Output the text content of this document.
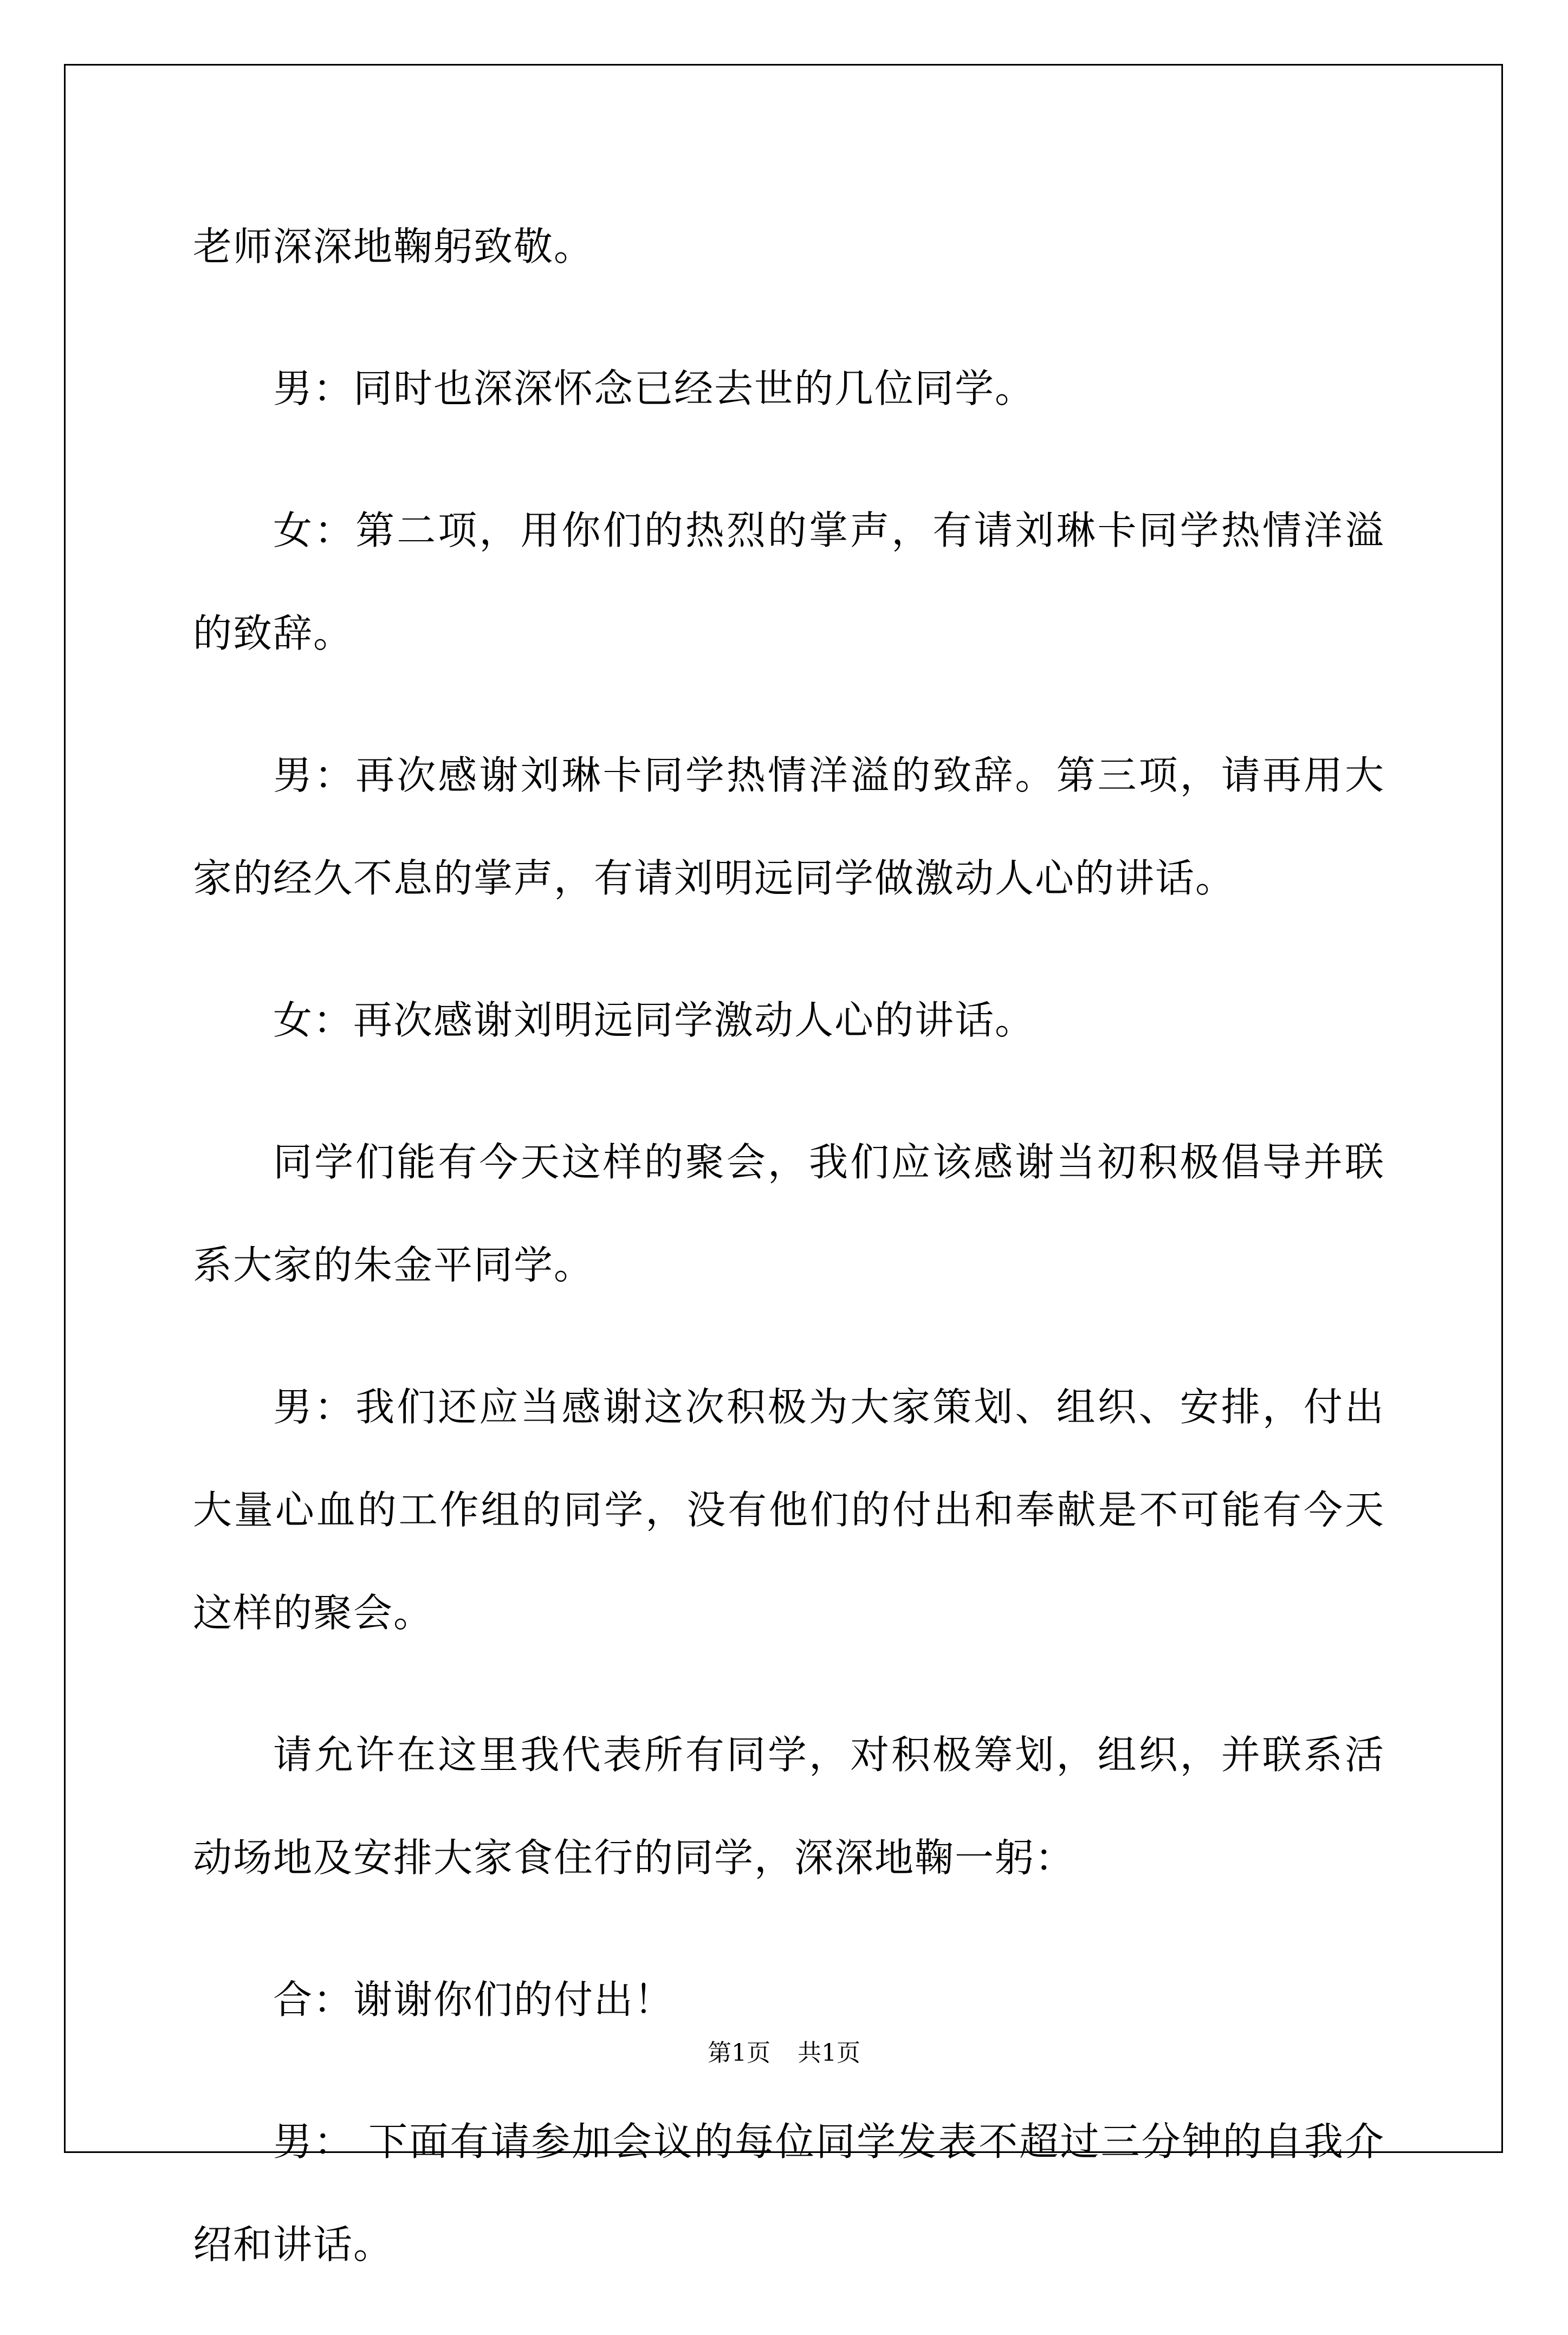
老师深深地鞠躬致敬。

男：同时也深深怀念已经去世的几位同学。

女：第二项，用你们的热烈的掌声，有请刘琳卡同学热情洋溢的致辞。

男：再次感谢刘琳卡同学热情洋溢的致辞。第三项，请再用大家的经久不息的掌声，有请刘明远同学做激动人心的讲话。

女：再次感谢刘明远同学激动人心的讲话。

同学们能有今天这样的聚会，我们应该感谢当初积极倡导并联系大家的朱金平同学。

男：我们还应当感谢这次积极为大家策划、组织、安排，付出大量心血的工作组的同学，没有他们的付出和奉献是不可能有今天这样的聚会。

请允许在这里我代表所有同学，对积极筹划，组织，并联系活动场地及安排大家食住行的同学，深深地鞠一躬：

合：谢谢你们的付出！

男： 下面有请参加会议的每位同学发表不超过三分钟的自我介绍和讲话。

第1页 共1页
